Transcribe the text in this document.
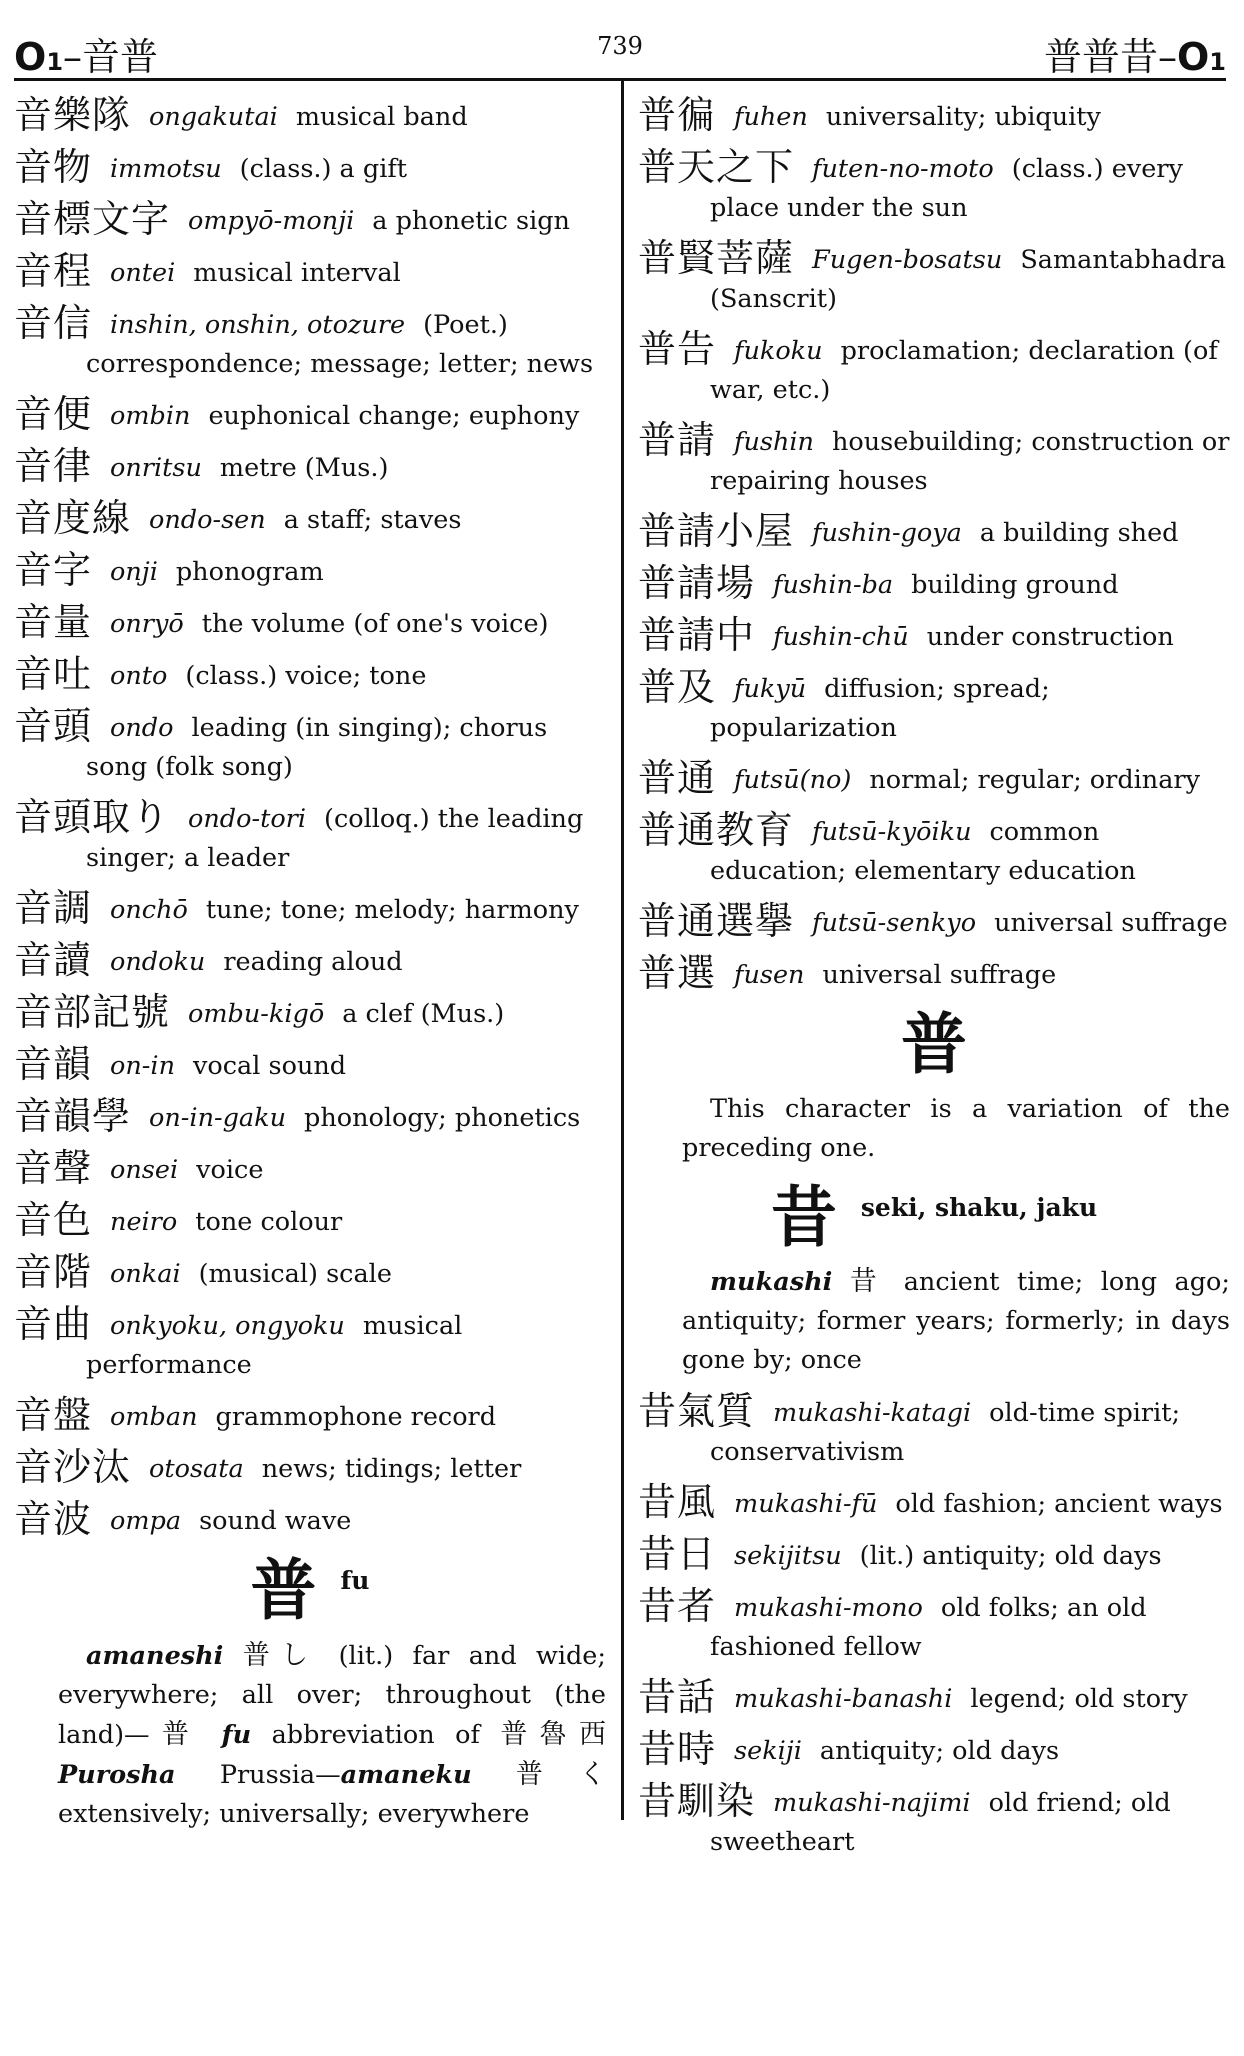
O1–音普	739	普普昔–O1

音樂隊 ongakutai musical band

音物 immotsu (class.) a gift

音標文字 ompyō-monji a phonetic sign

音程 ontei musical interval

音信 inshin, onshin, otozure (Poet.) correspondence; message; letter; news

音便 ombin euphonical change; euphony

音律 onritsu metre (Mus.)

音度線 ondo-sen a staff; staves

音字 onji phonogram

音量 onryō the volume (of one's voice)

音吐 onto (class.) voice; tone

音頭 ondo leading (in singing); chorus song (folk song)

音頭取り ondo-tori (colloq.) the leading singer; a leader

音調 onchō tune; tone; melody; harmony

音讀 ondoku reading aloud

音部記號 ombu-kigō a clef (Mus.)

音韻 on-in vocal sound

音韻學 on-in-gaku phonology; phonetics

音聲 onsei voice

音色 neiro tone colour

音階 onkai (musical) scale

音曲 onkyoku, ongyoku musical performance

音盤 omban grammophone record

音沙汰 otosata news; tidings; letter

音波 ompa sound wave

普fu

amaneshi 普し (lit.) far and wide; everywhere; all over; throughout (the land)—普 fu abbreviation of 普魯西 Purosha Prussia—amaneku 普く extensively; universally; everywhere

普徧 fuhen universality; ubiquity

普天之下 futen-no-moto (class.) every place under the sun

普賢菩薩 Fugen-bosatsu Samantabhadra (Sanscrit)

普告 fukoku proclamation; declaration (of war, etc.)

普請 fushin housebuilding; construction or repairing houses

普請小屋 fushin-goya a building shed

普請場 fushin-ba building ground

普請中 fushin-chū under construction

普及 fukyū diffusion; spread; popularization

普通 futsū(no) normal; regular; ordinary

普通教育 futsū-kyōiku common education; elementary education

普通選擧 futsū-senkyo universal suffrage

普選 fusen universal suffrage

普

This character is a variation of the preceding one.

昔seki, shaku, jaku

mukashi 昔 ancient time; long ago; antiquity; former years; formerly; in days gone by; once

昔氣質 mukashi-katagi old-time spirit; conservativism

昔風 mukashi-fū old fashion; ancient ways

昔日 sekijitsu (lit.) antiquity; old days

昔者 mukashi-mono old folks; an old fashioned fellow

昔話 mukashi-banashi legend; old story

昔時 sekiji antiquity; old days

昔馴染 mukashi-najimi old friend; old sweetheart
